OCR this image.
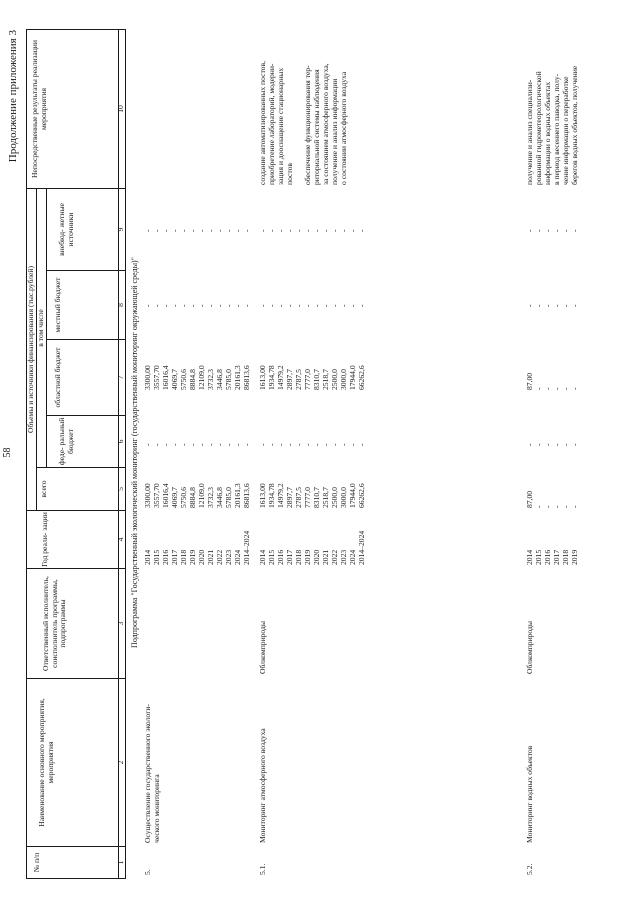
58
Продолжение приложения 3
№ п/п
Наименование основного мероприятия, мероприятия
Ответственный исполнитель, соисполнитель программы, подпрограммы
Год реали- зации
Объемы и источники финансирования (тыс.рублей)
всего
в том числе
феде- ральный бюджет
областной бюджет
местный бюджет
внебюд- жетные источники
Непосредственные результаты реализации мероприятия
1
2
3
4
5
6
7
8
9
10
Подпрограмма "Государственный экологический мониторинг (государственный мониторинг окружающей среды)"
5.
Осуществление государственного экологи- ческого мониторинга
2014 2015 2016 2017 2018 2019 2020 2021 2022 2023 2024 2014–2024
3300,00 3557,70 16016,4 4069,7 5750,6 8884,8 12109,0 3732,3 3446,8 5785,0 20161,3 86813,6
- - - - - - - - - - - -
3300,00 3557,70 16016,4 4069,7 5750,6 8884,8 12109,0 3732,3 3446,8 5785,0 20161,3 86813,6
- - - - - - - - - - - -
- - - - - - - - - - - -
5.1.
Мониторинг атмосферного воздуха
Облкомприроды
2014 2015 2016 2017 2018 2019 2020 2021 2022 2023 2024 2014–2024
1613,00 1934,78 14979,2 2897,7 2787,5 7777,0 8310,7 2518,7 2500,0 3000,0 17944,0 66262,6
- - - - - - - - - - - -
1613,00 1934,78 14979,2 2897,7 2787,5 7777,0 8310,7 2518,7 2500,0 3000,0 17944,0 66262,6
- - - - - - - - - - - -
- - - - - - - - - - - -
создание автоматизированных постов, приобретение лабораторий, модерни- зация и дооснащение стационарных постов обеспечение функционирования тер- риториальной системы наблюдения за состоянием атмосферного воздуха, получение и анализ информации о состоянии атмосферного воздуха
5.2.
Мониторинг водных объектов
Облкомприроды
2014 2015 2016 2017 2018 2019
87,00 - - - - -
- - - - - -
87,00 - - - - -
- - - - - -
- - - - - -
получение и анализ специализи- рованной гидрометеорологической информации о водных объектах в период весеннего паводка, полу- чение информации о переработке берегов водных объектов, получение
